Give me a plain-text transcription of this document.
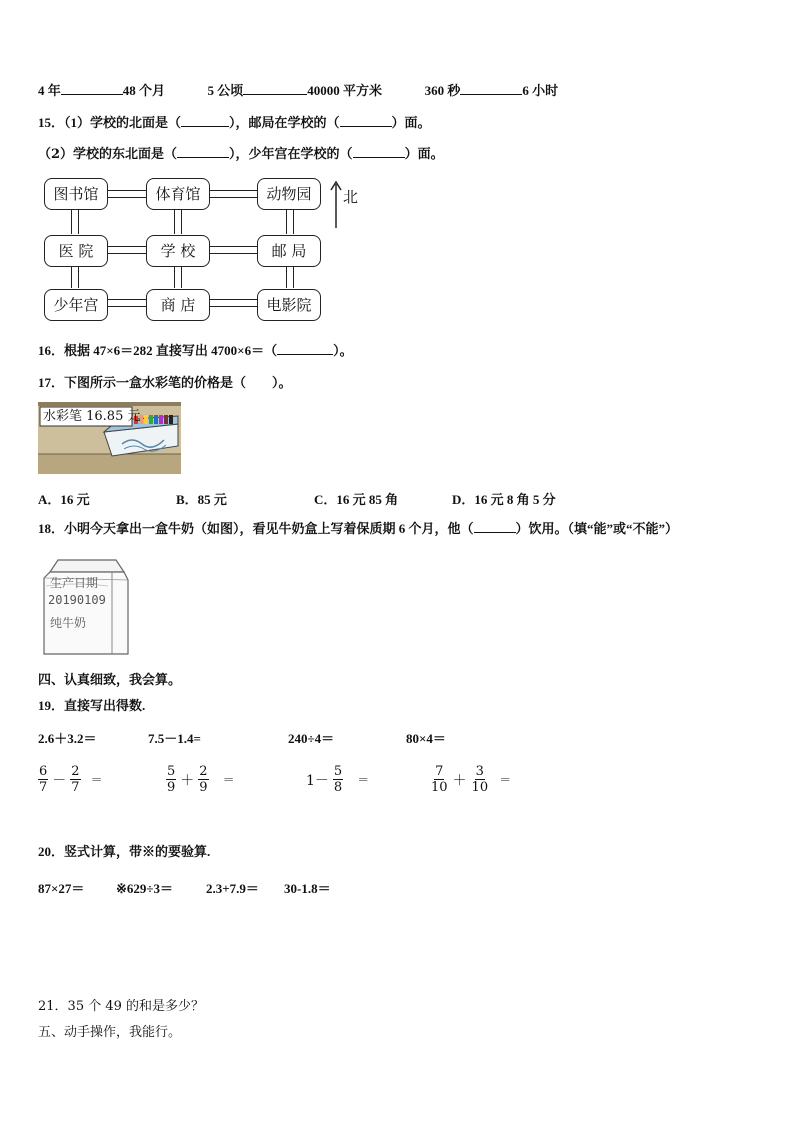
4 年	48 个月	5 公顷	40000 平方米	360 秒	6 小时
15．（1）学校的北面是（	），邮局在学校的（	）面。
（2）学校的东北面是（	），少年宫在学校的（	）面。
图书馆	体育馆	动物园
医 院	学 校	邮 局
少年宫	商 店	电影院
北
16．根据 47×6＝282 直接写出 4700×6＝（	）。
17．下图所示一盒水彩笔的价格是（　　）。
水彩笔 16.85 元
A．16 元	B．85 元	C．16 元 85 角	D．16 元 8 角 5 分
18．小明今天拿出一盒牛奶（如图），看见牛奶盒上写着保质期 6 个月，他（	）饮用。（填“能”或“不能”）
生产日期
20190109
纯牛奶
四、认真细致，我会算。
19．直接写出得数.
2.6＋3.2＝	7.5－1.4=	240÷4＝	80×4＝
$\frac{6}{7} - \frac{2}{7}$ ＝	$\frac{5}{9} + \frac{2}{9}$ ＝	$1- \frac{5}{8}$ ＝	$\frac{7}{10} + \frac{3}{10}$ ＝
20．竖式计算，带※的要验算.
87×27＝ ※629÷3＝	2.3+7.9＝ 30-1.8＝
21．35 个 49 的和是多少？
五、动手操作，我能行。
